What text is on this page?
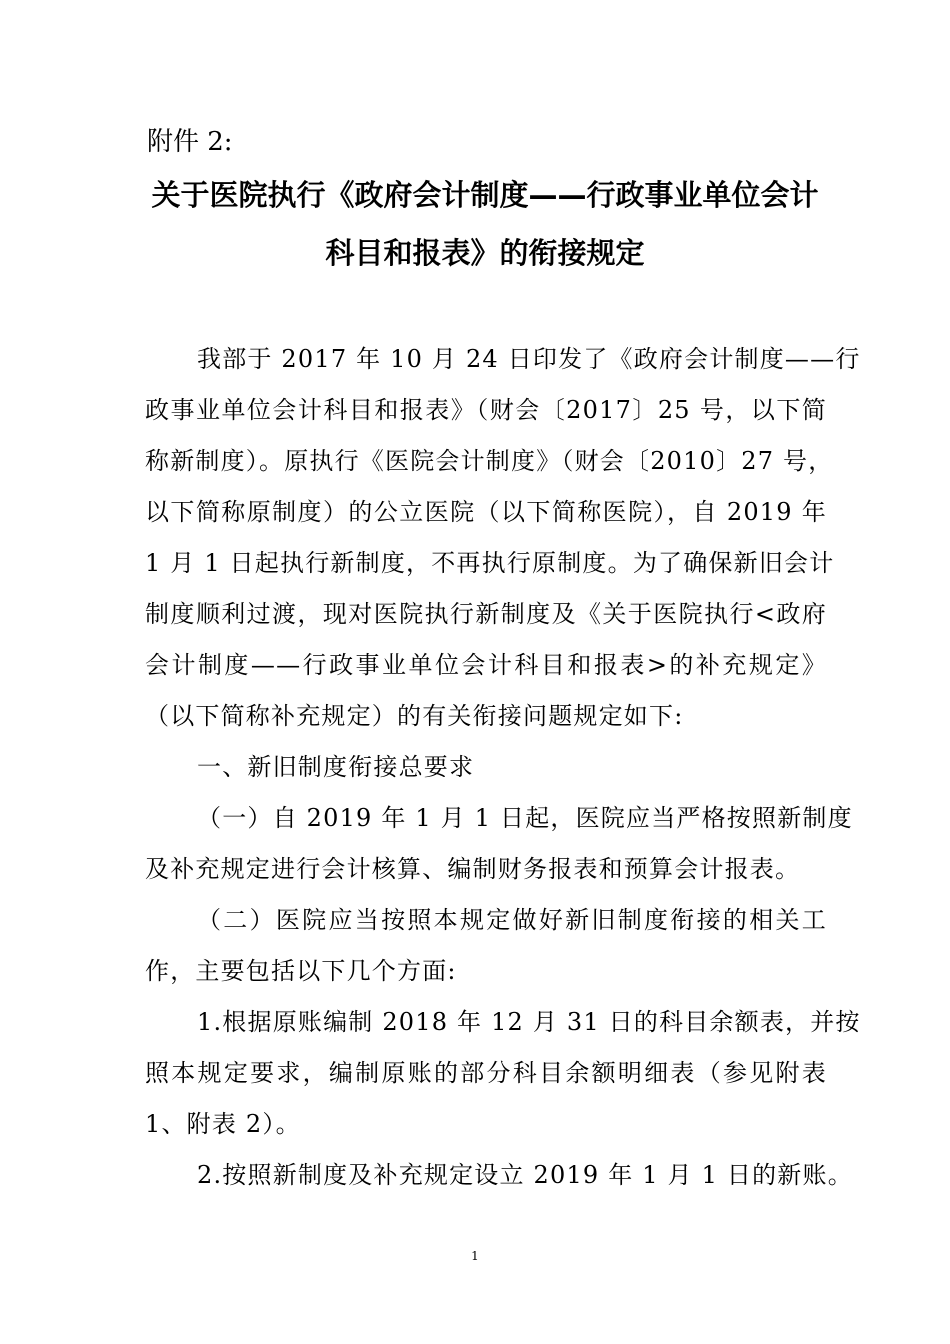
附件 2:
关于医院执行《政府会计制度——行政事业单位会计
科目和报表》的衔接规定
我部于 2017 年 10 月 24 日印发了《政府会计制度——行
政事业单位会计科目和报表》（财会〔2017〕25 号，以下简
称新制度）。原执行《医院会计制度》（财会〔2010〕27 号，
以下简称原制度）的公立医院（以下简称医院），自 2019 年
1 月 1 日起执行新制度，不再执行原制度。为了确保新旧会计
制度顺利过渡，现对医院执行新制度及《关于医院执行<政府
会计制度——行政事业单位会计科目和报表>的补充规定》
（以下简称补充规定）的有关衔接问题规定如下:
一、新旧制度衔接总要求
（一）自 2019 年 1 月 1 日起，医院应当严格按照新制度
及补充规定进行会计核算、编制财务报表和预算会计报表。
（二）医院应当按照本规定做好新旧制度衔接的相关工
作，主要包括以下几个方面:
1.根据原账编制 2018 年 12 月 31 日的科目余额表，并按
照本规定要求，编制原账的部分科目余额明细表（参见附表
1、附表 2）。
2.按照新制度及补充规定设立 2019 年 1 月 1 日的新账。
1
